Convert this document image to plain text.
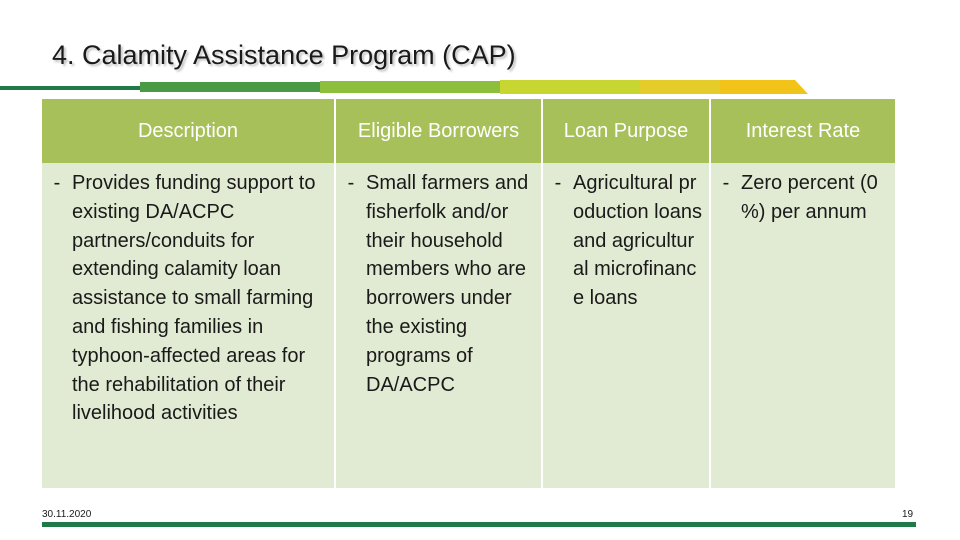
4. Calamity Assistance Program (CAP)
Description	Eligible Borrowers	Loan Purpose	Interest Rate

- Provides funding support to existing DA/ACPC partners/conduits for extending calamity loan assistance to small farming and fishing families in typhoon-affected areas for the rehabilitation of their livelihood activities	- Small farmers and fisherfolk and/or their household members who are borrowers under the existing programs of DA/ACPC	- Agricultural production loans and agricultural microfinance loans	- Zero percent (0 %) per annum
30.11.2020	19
